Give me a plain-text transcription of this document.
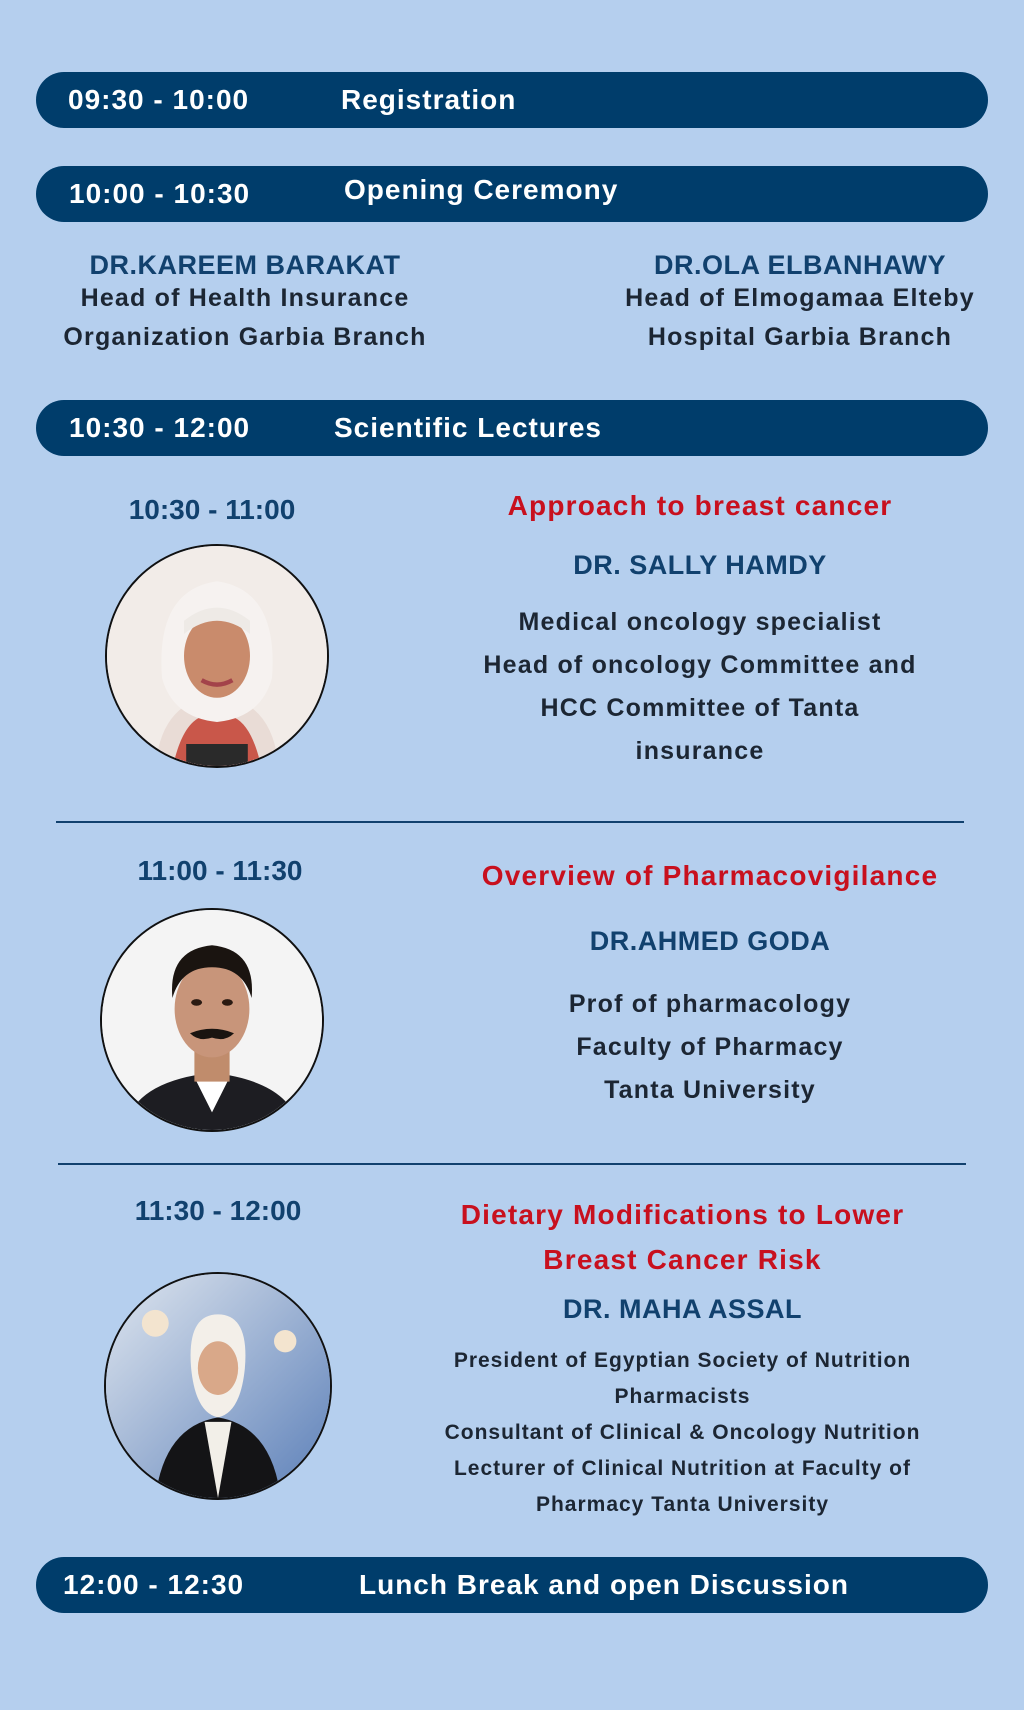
09:30 - 10:00	Registration
10:00 - 10:30	Opening Ceremony
DR.KAREEM BARAKAT
Head of Health Insurance
Organization Garbia Branch
DR.OLA ELBANHAWY
Head of Elmogamaa Elteby
Hospital Garbia Branch
10:30 - 12:00	Scientific Lectures
10:30 - 11:00	Approach to breast cancer
DR. SALLY HAMDY
Medical oncology specialist
Head of oncology Committee and
HCC Committee of Tanta
insurance
11:00 - 11:30	Overview of Pharmacovigilance
DR.AHMED GODA
Prof of pharmacology
Faculty of Pharmacy
Tanta University
11:30 - 12:00	Dietary Modifications to Lower
Breast Cancer Risk
DR. MAHA ASSAL
President of Egyptian Society of Nutrition
Pharmacists
Consultant of Clinical & Oncology Nutrition
Lecturer of Clinical Nutrition at Faculty of
Pharmacy Tanta University
12:00 - 12:30	Lunch Break and open Discussion
